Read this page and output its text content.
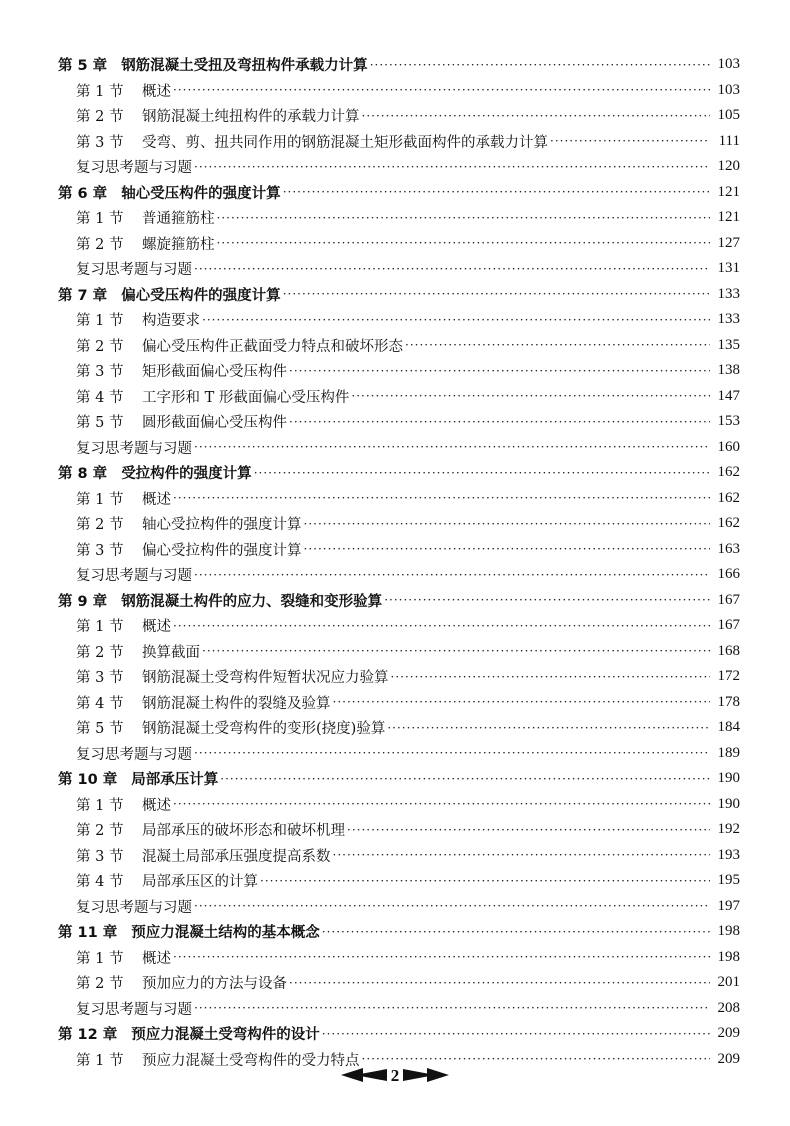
第 5 章 钢筋混凝土受扭及弯扭构件承载力计算 ·····	103
第 1 节	概述 ·····	103
第 2 节	钢筋混凝土纯扭构件的承载力计算 ·····	105
第 3 节	受弯、剪、扭共同作用的钢筋混凝土矩形截面构件的承载力计算 ·····	111
复习思考题与习题 ·····	120
第 6 章 轴心受压构件的强度计算 ·····	121
第 1 节	普通箍筋柱 ·····	121
第 2 节	螺旋箍筋柱 ·····	127
复习思考题与习题 ·····	131
第 7 章 偏心受压构件的强度计算 ·····	133
第 1 节	构造要求 ·····	133
第 2 节	偏心受压构件正截面受力特点和破坏形态 ·····	135
第 3 节	矩形截面偏心受压构件 ·····	138
第 4 节	工字形和 T 形截面偏心受压构件 ·····	147
第 5 节	圆形截面偏心受压构件 ·····	153
复习思考题与习题 ·····	160
第 8 章 受拉构件的强度计算 ·····	162
第 1 节	概述 ·····	162
第 2 节	轴心受拉构件的强度计算 ·····	162
第 3 节	偏心受拉构件的强度计算 ·····	163
复习思考题与习题 ·····	166
第 9 章 钢筋混凝土构件的应力、裂缝和变形验算 ·····	167
第 1 节	概述 ·····	167
第 2 节	换算截面 ·····	168
第 3 节	钢筋混凝土受弯构件短暂状况应力验算 ·····	172
第 4 节	钢筋混凝土构件的裂缝及验算 ·····	178
第 5 节	钢筋混凝土受弯构件的变形(挠度)验算 ·····	184
复习思考题与习题 ·····	189
第 10 章 局部承压计算 ·····	190
第 1 节	概述 ·····	190
第 2 节	局部承压的破坏形态和破坏机理 ·····	192
第 3 节	混凝土局部承压强度提高系数 ·····	193
第 4 节	局部承压区的计算 ·····	195
复习思考题与习题 ·····	197
第 11 章 预应力混凝土结构的基本概念 ·····	198
第 1 节	概述 ·····	198
第 2 节	预加应力的方法与设备 ·····	201
复习思考题与习题 ·····	208
第 12 章 预应力混凝土受弯构件的设计 ·····	209
第 1 节	预应力混凝土受弯构件的受力特点 ·····	209
2
